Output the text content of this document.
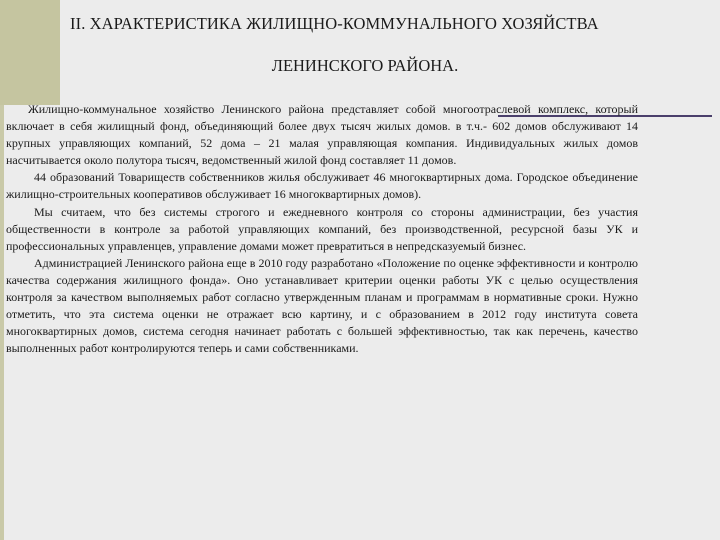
II. ХАРАКТЕРИСТИКА ЖИЛИЩНО-КОММУНАЛЬНОГО ХОЗЯЙСТВА
ЛЕНИНСКОГО РАЙОНА.

Жилищно-коммунальное хозяйство Ленинского района представляет собой многоотраслевой комплекс, который включает в себя жилищный фонд, объединяющий более двух тысяч жилых домов. в т.ч.- 602 домов обслуживают 14 крупных управляющих компаний, 52 дома – 21 малая управляющая компания. Индивидуальных жилых домов насчитывается около полутора тысяч, ведомственный жилой фонд составляет 11 домов.

44 образований Товариществ собственников жилья обслуживает 46 многоквартирных дома. Городское объединение жилищно-строительных кооперативов обслуживает 16 многоквартирных домов).

Мы считаем, что без системы строгого и ежедневного контроля со стороны администрации, без участия общественности в контроле за работой управляющих компаний, без производственной, ресурсной базы УК и профессиональных управленцев, управление домами может превратиться в непредсказуемый бизнес.

Администрацией Ленинского района еще в 2010 году разработано «Положение по оценке эффективности и контролю качества содержания жилищного фонда». Оно устанавливает критерии оценки работы УК с целью осуществления контроля за качеством выполняемых работ согласно утвержденным планам и программам в нормативные сроки. Нужно отметить, что эта система оценки не отражает всю картину, и с образованием в 2012 году института совета многоквартирных домов, система сегодня начинает работать с большей эффективностью, так как перечень, качество выполненных работ контролируются теперь и сами собственниками.
